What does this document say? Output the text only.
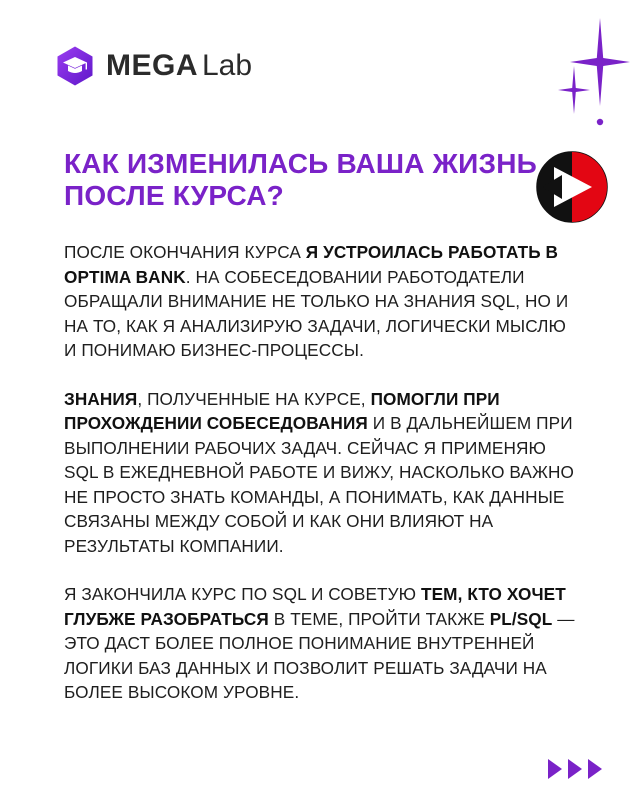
MEGA Lab
КАК ИЗМЕНИЛАСЬ ВАША ЖИЗНЬ
ПОСЛЕ КУРСА?
ПОСЛЕ ОКОНЧАНИЯ КУРСА Я УСТРОИЛАСЬ РАБОТАТЬ В
OPTIMA BANK. НА СОБЕСЕДОВАНИИ РАБОТОДАТЕЛИ
ОБРАЩАЛИ ВНИМАНИЕ НЕ ТОЛЬКО НА ЗНАНИЯ SQL, НО И
НА ТО, КАК Я АНАЛИЗИРУЮ ЗАДАЧИ, ЛОГИЧЕСКИ МЫСЛЮ
И ПОНИМАЮ БИЗНЕС-ПРОЦЕССЫ.
ЗНАНИЯ, ПОЛУЧЕННЫЕ НА КУРСЕ, ПОМОГЛИ ПРИ
ПРОХОЖДЕНИИ СОБЕСЕДОВАНИЯ И В ДАЛЬНЕЙШЕМ ПРИ
ВЫПОЛНЕНИИ РАБОЧИХ ЗАДАЧ. СЕЙЧАС Я ПРИМЕНЯЮ
SQL В ЕЖЕДНЕВНОЙ РАБОТЕ И ВИЖУ, НАСКОЛЬКО ВАЖНО
НЕ ПРОСТО ЗНАТЬ КОМАНДЫ, А ПОНИМАТЬ, КАК ДАННЫЕ
СВЯЗАНЫ МЕЖДУ СОБОЙ И КАК ОНИ ВЛИЯЮТ НА
РЕЗУЛЬТАТЫ КОМПАНИИ.
Я ЗАКОНЧИЛА КУРС ПО SQL И СОВЕТУЮ ТЕМ, КТО ХОЧЕТ
ГЛУБЖЕ РАЗОБРАТЬСЯ В ТЕМЕ, ПРОЙТИ ТАКЖЕ PL/SQL —
ЭТО ДАСТ БОЛЕЕ ПОЛНОЕ ПОНИМАНИЕ ВНУТРЕННЕЙ
ЛОГИКИ БАЗ ДАННЫХ И ПОЗВОЛИТ РЕШАТЬ ЗАДАЧИ НА
БОЛЕЕ ВЫСОКОМ УРОВНЕ.
